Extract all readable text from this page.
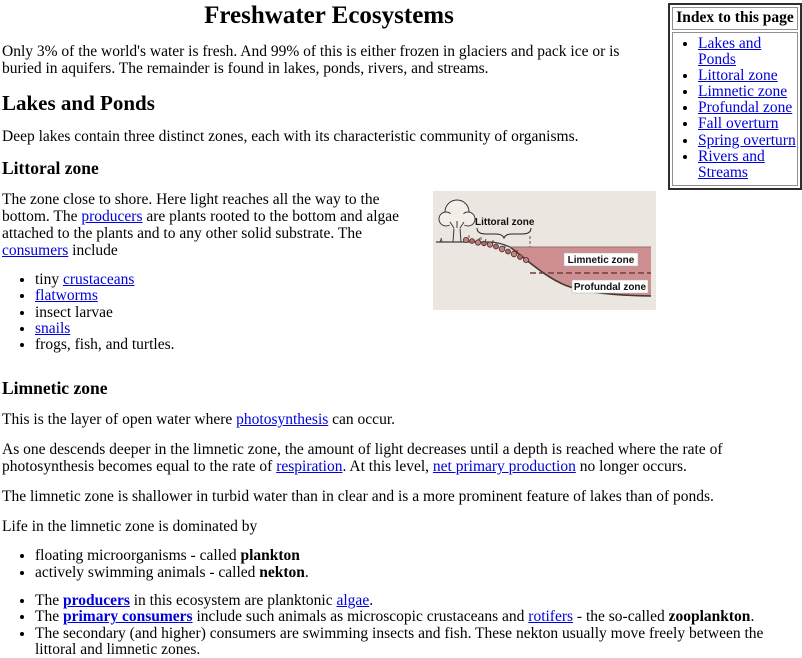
Index to this page
• Lakes and Ponds
• Littoral zone
• Limnetic zone
• Profundal zone
• Fall overturn
• Spring overturn
• Rivers and Streams
Freshwater Ecosystems

Only 3% of the world's water is fresh. And 99% of this is either frozen in glaciers and pack ice or is buried in aquifers. The remainder is found in lakes, ponds, rivers, and streams.

Lakes and Ponds

Deep lakes contain three distinct zones, each with its characteristic community of organisms.

Littoral zone
Littoral zone
Limnetic zone
Profundal zone

The zone close to shore. Here light reaches all the way to the bottom. The producers are plants rooted to the bottom and algae attached to the plants and to any other solid substrate. The consumers include

• tiny crustaceans
• flatworms
• insect larvae
• snails
• frogs, fish, and turtles.
Limnetic zone

This is the layer of open water where photosynthesis can occur.

As one descends deeper in the limnetic zone, the amount of light decreases until a depth is reached where the rate of photosynthesis becomes equal to the rate of respiration. At this level, net primary production no longer occurs.

The limnetic zone is shallower in turbid water than in clear and is a more prominent feature of lakes than of ponds.

Life in the limnetic zone is dominated by

• floating microorganisms - called plankton
• actively swimming animals - called nekton.
• The producers in this ecosystem are planktonic algae.
• The primary consumers include such animals as microscopic crustaceans and rotifers - the so-called zooplankton.
• The secondary (and higher) consumers are swimming insects and fish. These nekton usually move freely between the littoral and limnetic zones.
